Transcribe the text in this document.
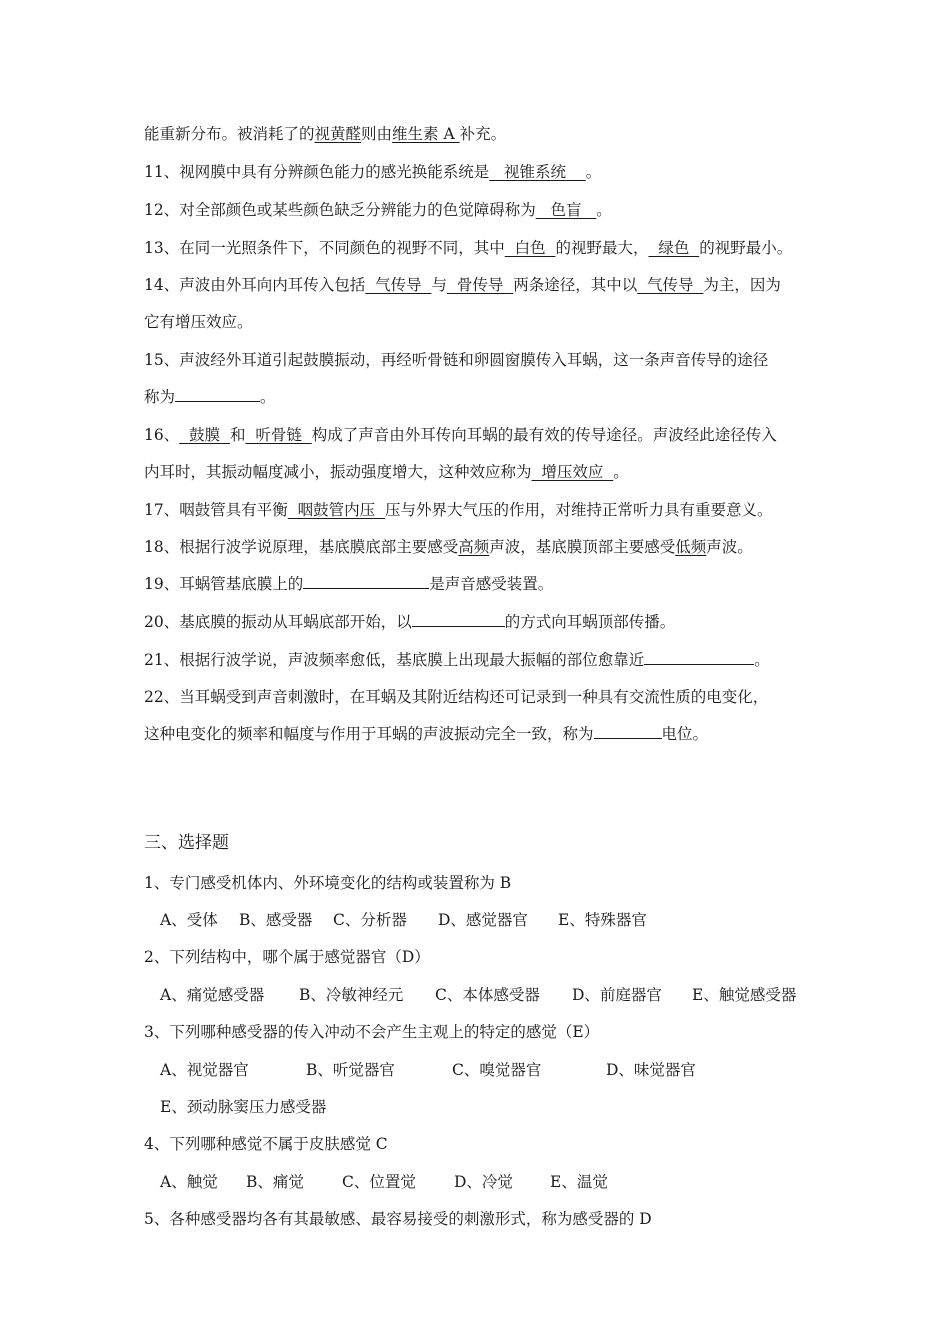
能重新分布。被消耗了的视黄醛则由维生素 A 补充。
11、视网膜中具有分辨颜色能力的感光换能系统是   视锥系统    。
12、对全部颜色或某些颜色缺乏分辨能力的色觉障碍称为   色盲   。
13、在同一光照条件下，不同颜色的视野不同，其中  白色  的视野最大，  绿色  的视野最小。
14、声波由外耳向内耳传入包括  气传导  与  骨传导  两条途径，其中以  气传导  为主，因为
它有增压效应。
15、声波经外耳道引起鼓膜振动，再经听骨链和卵圆窗膜传入耳蜗，这一条声音传导的途径
称为	。
16、  鼓膜  和  听骨链  构成了声音由外耳传向耳蜗的最有效的传导途径。声波经此途径传入
内耳时，其振动幅度减小，振动强度增大，这种效应称为  增压效应  。
17、咽鼓管具有平衡  咽鼓管内压  压与外界大气压的作用，对维持正常听力具有重要意义。
18、根据行波学说原理，基底膜底部主要感受高频声波，基底膜顶部主要感受低频声波。
19、耳蜗管基底膜上的	是声音感受装置。
20、基底膜的振动从耳蜗底部开始，以	的方式向耳蜗顶部传播。
21、根据行波学说，声波频率愈低，基底膜上出现最大振幅的部位愈靠近	。
22、当耳蜗受到声音刺激时，在耳蜗及其附近结构还可记录到一种具有交流性质的电变化，
这种电变化的频率和幅度与作用于耳蜗的声波振动完全一致，称为	电位。
三、选择题
1、专门感受机体内、外环境变化的结构或装置称为 B
A、受体 B、感受器 C、分析器 D、感觉器官 E、特殊器官
2、下列结构中，哪个属于感觉器官（D）
A、痛觉感受器 B、冷敏神经元 C、本体感受器 D、前庭器官 E、触觉感受器
3、下列哪种感受器的传入冲动不会产生主观上的特定的感觉（E）
A、视觉器官	B、听觉器官	C、嗅觉器官	D、味觉器官
E、颈动脉窦压力感受器
4、下列哪种感觉不属于皮肤感觉 C
A、触觉 B、痛觉 C、位置觉 D、冷觉 E、温觉
5、各种感受器均各有其最敏感、最容易接受的刺激形式，称为感受器的 D
